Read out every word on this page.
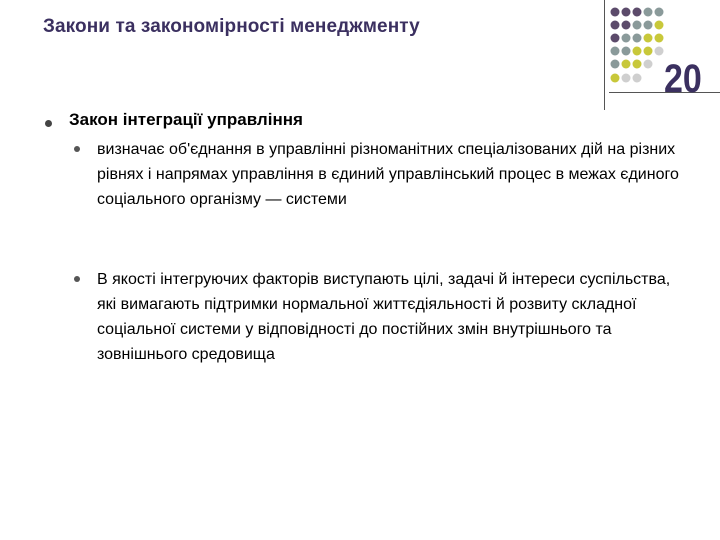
Закони та закономірності менеджменту
20
Закон інтеграції управління
визначає об'єднання в управлінні різноманітних спеціалізованих дій на різних рівнях і напрямах управління в єдиний управлінський процес в межах єдиного соціального організму — системи
В якості інтегруючих факторів виступають цілі, задачі й інтереси суспільства, які вимагають підтримки нормальної життєдіяльності й розвиту складної соціальної системи у відповідності до постійних змін внутрішнього та зовнішнього средовища
